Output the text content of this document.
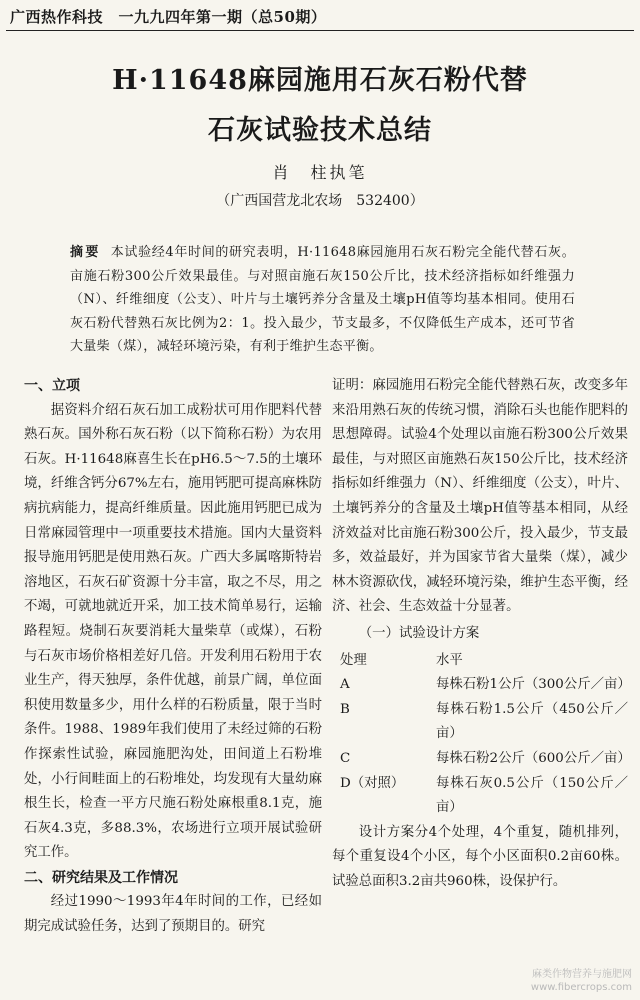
广西热作科技　一九九四年第一期（总50期）
H·11648麻园施用石灰石粉代替
石灰试验技术总结
肖　柱执笔
（广西国营龙北农场　532400）
摘要 本试验经4年时间的研究表明，H·11648麻园施用石灰石粉完全能代替石灰。亩施石粉300公斤效果最佳。与对照亩施石灰150公斤比，技术经济指标如纤维强力（N）、纤维细度（公支）、叶片与土壤钙养分含量及土壤pH值等均基本相同。使用石灰石粉代替熟石灰比例为2：1。投入最少，节支最多，不仅降低生产成本，还可节省大量柴（煤），减轻环境污染，有利于维护生态平衡。
一、立项

据资料介绍石灰石加工成粉状可用作肥料代替熟石灰。国外称石灰石粉（以下简称石粉）为农用石灰。H·11648麻喜生长在pH6.5～7.5的土壤环境，纤维含钙分67%左右，施用钙肥可提高麻株防病抗病能力，提高纤维质量。因此施用钙肥已成为日常麻园管理中一项重要技术措施。国内大量资料报导施用钙肥是使用熟石灰。广西大多属喀斯特岩溶地区，石灰石矿资源十分丰富，取之不尽，用之不竭，可就地就近开采，加工技术简单易行，运输路程短。烧制石灰要消耗大量柴草（或煤），石粉与石灰市场价格相差好几倍。开发利用石粉用于农业生产，得天独厚，条件优越，前景广阔，单位面积使用数量多少，用什么样的石粉质量，限于当时条件。1988、1989年我们使用了未经过筛的石粉作探索性试验，麻园施肥沟处，田间道上石粉堆处，小行间畦面上的石粉堆处，均发现有大量幼麻根生长，检查一平方尺施石粉处麻根重8.1克，施石灰4.3克，多88.3%，农场进行立项开展试验研究工作。

二、研究结果及工作情况

经过1990～1993年4年时间的工作，已经如期完成试验任务，达到了预期目的。研究

证明：麻园施用石粉完全能代替熟石灰，改变多年来沿用熟石灰的传统习惯，消除石头也能作肥料的思想障碍。试验4个处理以亩施石粉300公斤效果最佳，与对照区亩施熟石灰150公斤比，技术经济指标如纤维强力（N）、纤维细度（公支），叶片、土壤钙养分的含量及土壤pH值等基本相同，从经济效益对比亩施石粉300公斤，投入最少，节支最多，效益最好，并为国家节省大量柴（煤），减少林木资源砍伐，减轻环境污染，维护生态平衡，经济、社会、生态效益十分显著。

（一）试验设计方案
处理	水平
A	每株石粉1公斤（300公斤／亩）
B	每株石粉1.5公斤（450公斤／亩）
C	每株石粉2公斤（600公斤／亩）
D（对照）	每株石灰0.5公斤（150公斤／亩）

设计方案分4个处理，4个重复，随机排列，每个重复设4个小区，每个小区面积0.2亩60株。试验总面积3.2亩共960株，设保护行。

麻类作物营养与施肥网
www.fibercrops.com
